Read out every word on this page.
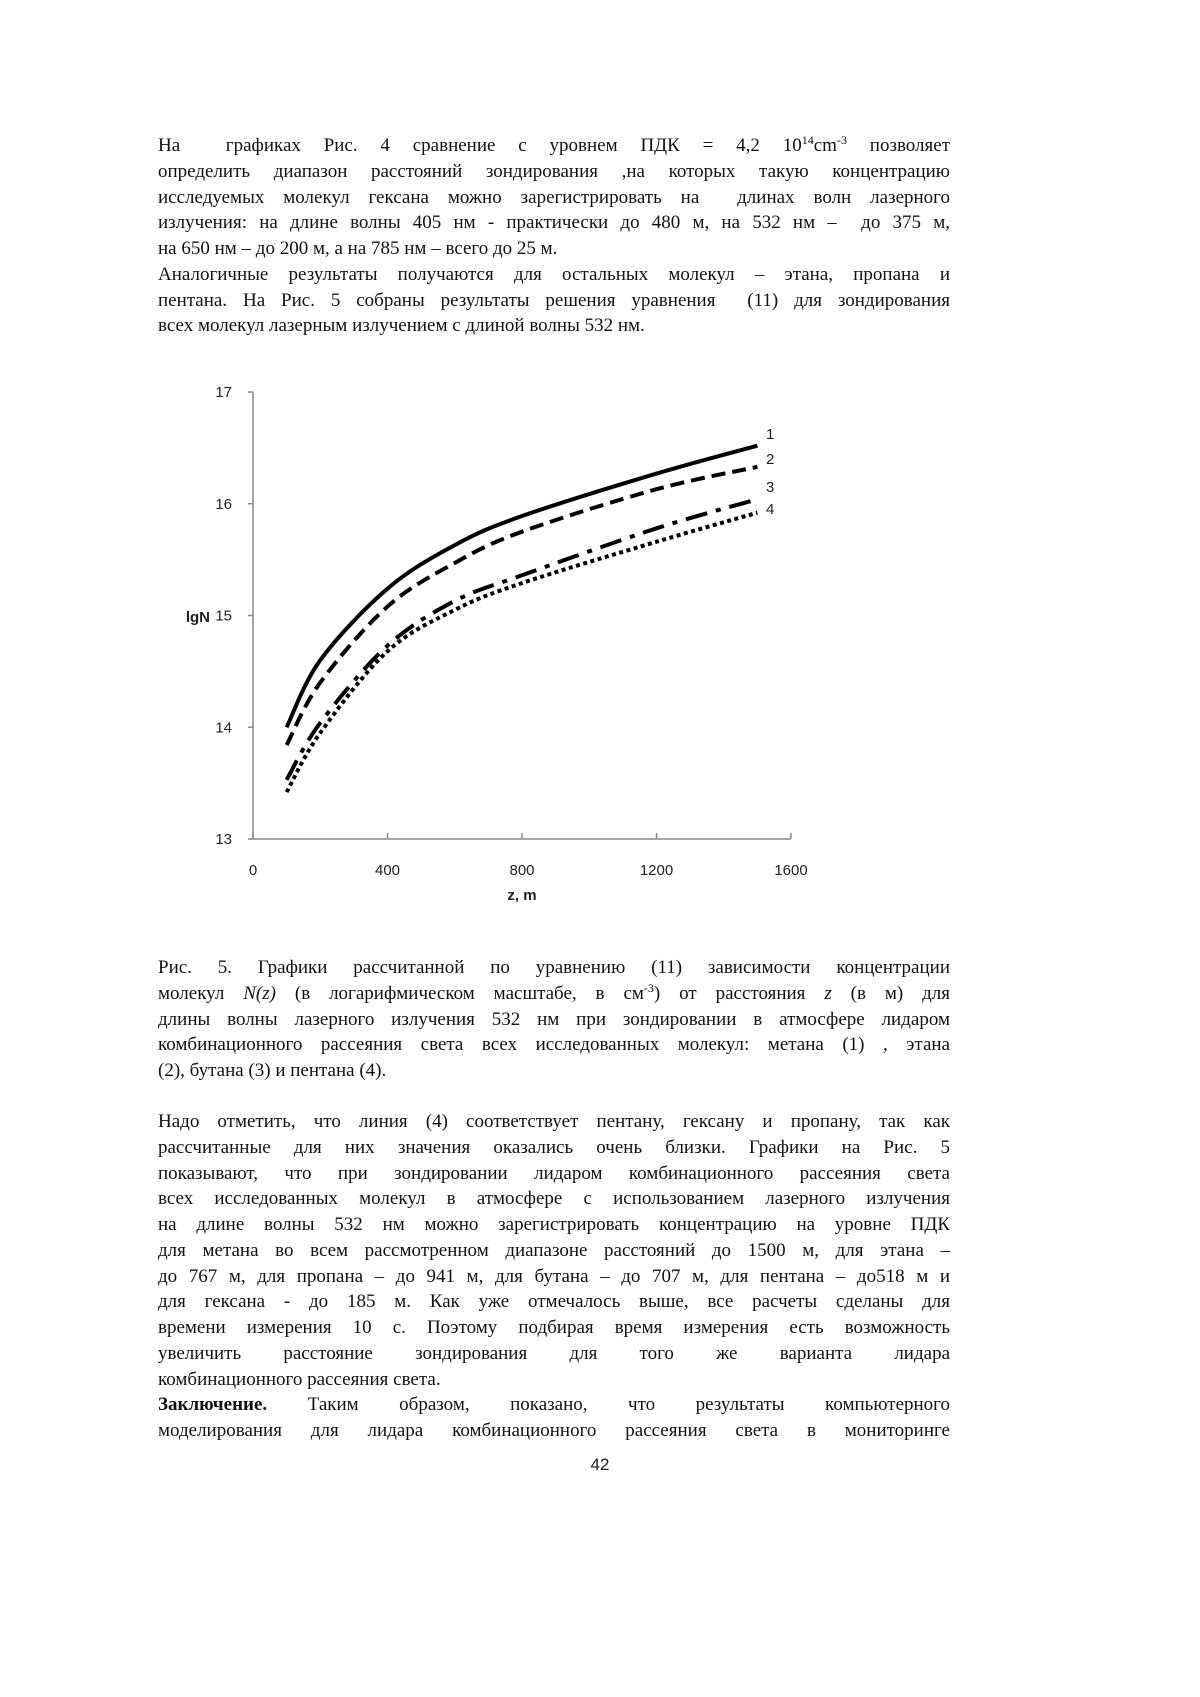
На  графиках Рис. 4 сравнение с уровнем ПДК = 4,2 1014cm-3 позволяет
определить диапазон расстояний зондирования ,на которых такую концентрацию
исследуемых молекул гексана можно зарегистрировать на  длинах волн лазерного
излучения: на длине волны 405 нм - практически до 480 м, на 532 нм –  до 375 м,
на 650 нм – до 200 м, а на 785 нм – всего до 25 м.
Аналогичные результаты получаются для остальных молекул – этана, пропана и
пентана. На Рис. 5 собраны результаты решения уравнения  (11) для зондирования
всех молекул лазерным излучением с длиной волны 532 нм.
13
14
15
16
17
0	400	800	1200	1600
lgN
z, m
1
2
3
4
Рис. 5. Графики рассчитанной по уравнению (11) зависимости концентрации
молекул N(z) (в логарифмическом масштабе, в см-3) от расстояния z (в м) для
длины волны лазерного излучения 532 нм при зондировании в атмосфере лидаром
комбинационного рассеяния света всех исследованных молекул: метана (1) , этана
(2), бутана (3) и пентана (4).
Надо отметить, что линия (4) соответствует пентану, гексану и пропану, так как
рассчитанные для них значения оказались очень близки. Графики на Рис. 5
показывают, что при зондировании лидаром комбинационного рассеяния света
всех исследованных молекул в атмосфере с использованием лазерного излучения
на длине волны 532 нм можно зарегистрировать концентрацию на уровне ПДК
для метана во всем рассмотренном диапазоне расстояний до 1500 м, для этана –
до 767 м, для пропана – до 941 м, для бутана – до 707 м, для пентана – до518 м и
для гексана - до 185 м. Как уже отмечалось выше, все расчеты сделаны для
времени измерения 10 с. Поэтому подбирая время измерения есть возможность
увеличить расстояние зондирования для того же варианта лидара
комбинационного рассеяния света.
Заключение. Таким образом, показано, что результаты компьютерного
моделирования для лидара комбинационного рассеяния света в мониторинге
42
